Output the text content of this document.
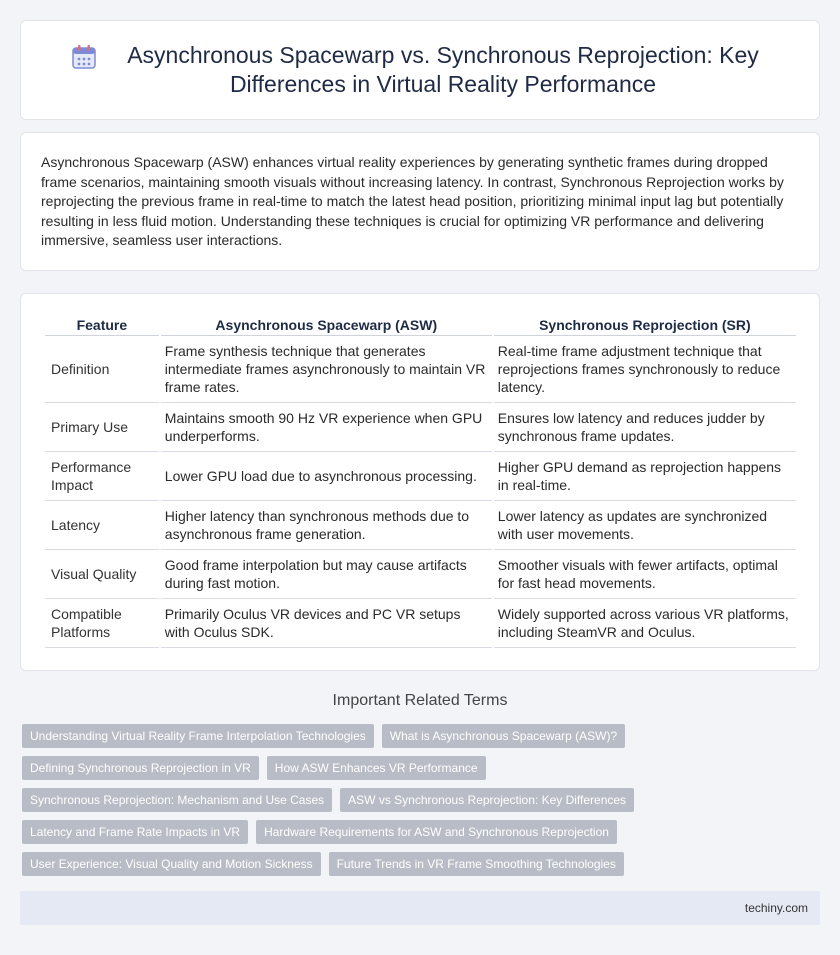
Asynchronous Spacewarp vs. Synchronous Reprojection: Key Differences in Virtual Reality Performance

Asynchronous Spacewarp (ASW) enhances virtual reality experiences by generating synthetic frames during dropped frame scenarios, maintaining smooth visuals without increasing latency. In contrast, Synchronous Reprojection works by reprojecting the previous frame in real-time to match the latest head position, prioritizing minimal input lag but potentially resulting in less fluid motion. Understanding these techniques is crucial for optimizing VR performance and delivering immersive, seamless user interactions.

Feature	Asynchronous Spacewarp (ASW)	Synchronous Reprojection (SR)
Definition	Frame synthesis technique that generates intermediate frames asynchronously to maintain VR frame rates.	Real-time frame adjustment technique that reprojections frames synchronously to reduce latency.
Primary Use	Maintains smooth 90 Hz VR experience when GPU underperforms.	Ensures low latency and reduces judder by synchronous frame updates.
Performance Impact	Lower GPU load due to asynchronous processing.	Higher GPU demand as reprojection happens in real-time.
Latency	Higher latency than synchronous methods due to asynchronous frame generation.	Lower latency as updates are synchronized with user movements.
Visual Quality	Good frame interpolation but may cause artifacts during fast motion.	Smoother visuals with fewer artifacts, optimal for fast head movements.
Compatible Platforms	Primarily Oculus VR devices and PC VR setups with Oculus SDK.	Widely supported across various VR platforms, including SteamVR and Oculus.
Important Related Terms
Understanding Virtual Reality Frame Interpolation Technologies	What is Asynchronous Spacewarp (ASW)?
Defining Synchronous Reprojection in VR	How ASW Enhances VR Performance
Synchronous Reprojection: Mechanism and Use Cases	ASW vs Synchronous Reprojection: Key Differences
Latency and Frame Rate Impacts in VR	Hardware Requirements for ASW and Synchronous Reprojection
User Experience: Visual Quality and Motion Sickness	Future Trends in VR Frame Smoothing Technologies
techiny.com
